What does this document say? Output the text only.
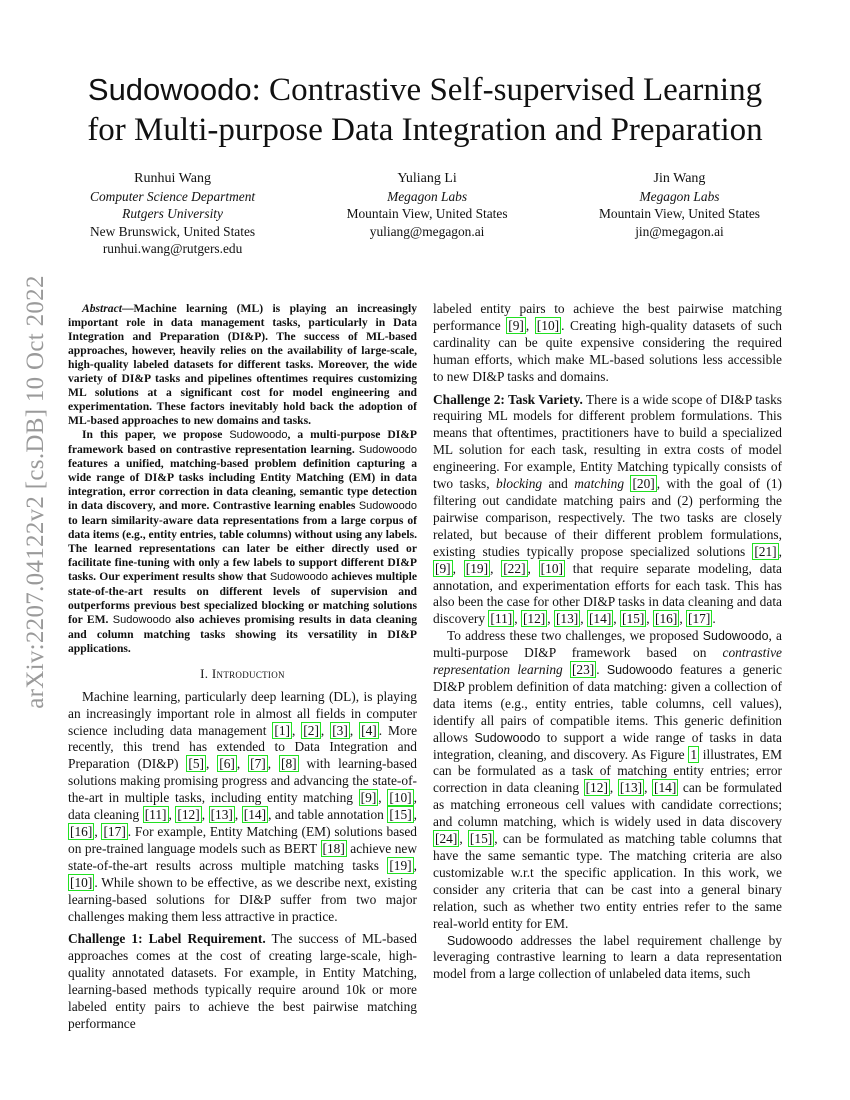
arXiv:2207.04122v2 [cs.DB] 10 Oct 2022
Sudowoodo: Contrastive Self-supervised Learning
for Multi-purpose Data Integration and Preparation
Runhui Wang
Computer Science Department
Rutgers University
New Brunswick, United States
runhui.wang@rutgers.edu
Yuliang Li
Megagon Labs
Mountain View, United States
yuliang@megagon.ai
Jin Wang
Megagon Labs
Mountain View, United States
jin@megagon.ai

Abstract—Machine learning (ML) is playing an increasingly important role in data management tasks, particularly in Data Integration and Preparation (DI&P). The success of ML-based approaches, however, heavily relies on the availability of large-scale, high-quality labeled datasets for different tasks. Moreover, the wide variety of DI&P tasks and pipelines oftentimes requires customizing ML solutions at a significant cost for model engineering and experimentation. These factors inevitably hold back the adoption of ML-based approaches to new domains and tasks.

In this paper, we propose Sudowoodo, a multi-purpose DI&P framework based on contrastive representation learning. Sudowoodo features a unified, matching-based problem definition capturing a wide range of DI&P tasks including Entity Matching (EM) in data integration, error correction in data cleaning, semantic type detection in data discovery, and more. Contrastive learning enables Sudowoodo to learn similarity-aware data representations from a large corpus of data items (e.g., entity entries, table columns) without using any labels. The learned representations can later be either directly used or facilitate fine-tuning with only a few labels to support different DI&P tasks. Our experiment results show that Sudowoodo achieves multiple state-of-the-art results on different levels of supervision and outperforms previous best specialized blocking or matching solutions for EM. Sudowoodo also achieves promising results in data cleaning and column matching tasks showing its versatility in DI&P applications.

I. Introduction

Machine learning, particularly deep learning (DL), is playing an increasingly important role in almost all fields in computer science including data management [1] , [2] , [3] , [4] . More recently, this trend has extended to Data Integration and Preparation (DI&P) [5] , [6] , [7] , [8] with learning-based solutions making promising progress and advancing the state-of-the-art in multiple tasks, including entity matching [9] , [10] , data cleaning [11] , [12] , [13] , [14] , and table annotation [15] , [16] , [17] . For example, Entity Matching (EM) solutions based on pre-trained language models such as BERT [18] achieve new state-of-the-art results across multiple matching tasks [19] , [10] . While shown to be effective, as we describe next, existing learning-based solutions for DI&P suffer from two major challenges making them less attractive in practice.

Challenge 1: Label Requirement. The success of ML-based approaches comes at the cost of creating large-scale, high-quality annotated datasets. For example, in Entity Matching, learning-based methods typically require around 10k or more labeled entity pairs to achieve the best pairwise matching performance

labeled entity pairs to achieve the best pairwise matching performance [9] , [10] . Creating high-quality datasets of such cardinality can be quite expensive considering the required human efforts, which make ML-based solutions less accessible to new DI&P tasks and domains.

Challenge 2: Task Variety. There is a wide scope of DI&P tasks requiring ML models for different problem formulations. This means that oftentimes, practitioners have to build a specialized ML solution for each task, resulting in extra costs of model engineering. For example, Entity Matching typically consists of two tasks, blocking and matching [20] , with the goal of (1) filtering out candidate matching pairs and (2) performing the pairwise comparison, respectively. The two tasks are closely related, but because of their different problem formulations, existing studies typically propose specialized solutions [21] , [9] , [19] , [22] , [10] that require separate modeling, data annotation, and experimentation efforts for each task. This has also been the case for other DI&P tasks in data cleaning and data discovery [11] , [12] , [13] , [14] , [15] , [16] , [17] .

To address these two challenges, we proposed Sudowoodo, a multi-purpose DI&P framework based on contrastive representation learning [23] . Sudowoodo features a generic DI&P problem definition of data matching: given a collection of data items (e.g., entity entries, table columns, cell values), identify all pairs of compatible items. This generic definition allows Sudowoodo to support a wide range of tasks in data integration, cleaning, and discovery. As Figure 1 illustrates, EM can be formulated as a task of matching entity entries; error correction in data cleaning [12] , [13] , [14] can be formulated as matching erroneous cell values with candidate corrections; and column matching, which is widely used in data discovery [24] , [15] , can be formulated as matching table columns that have the same semantic type. The matching criteria are also customizable w.r.t the specific application. In this work, we consider any criteria that can be cast into a general binary relation, such as whether two entity entries refer to the same real-world entity for EM.

Sudowoodo addresses the label requirement challenge by leveraging contrastive learning to learn a data representation model from a large collection of unlabeled data items, such
